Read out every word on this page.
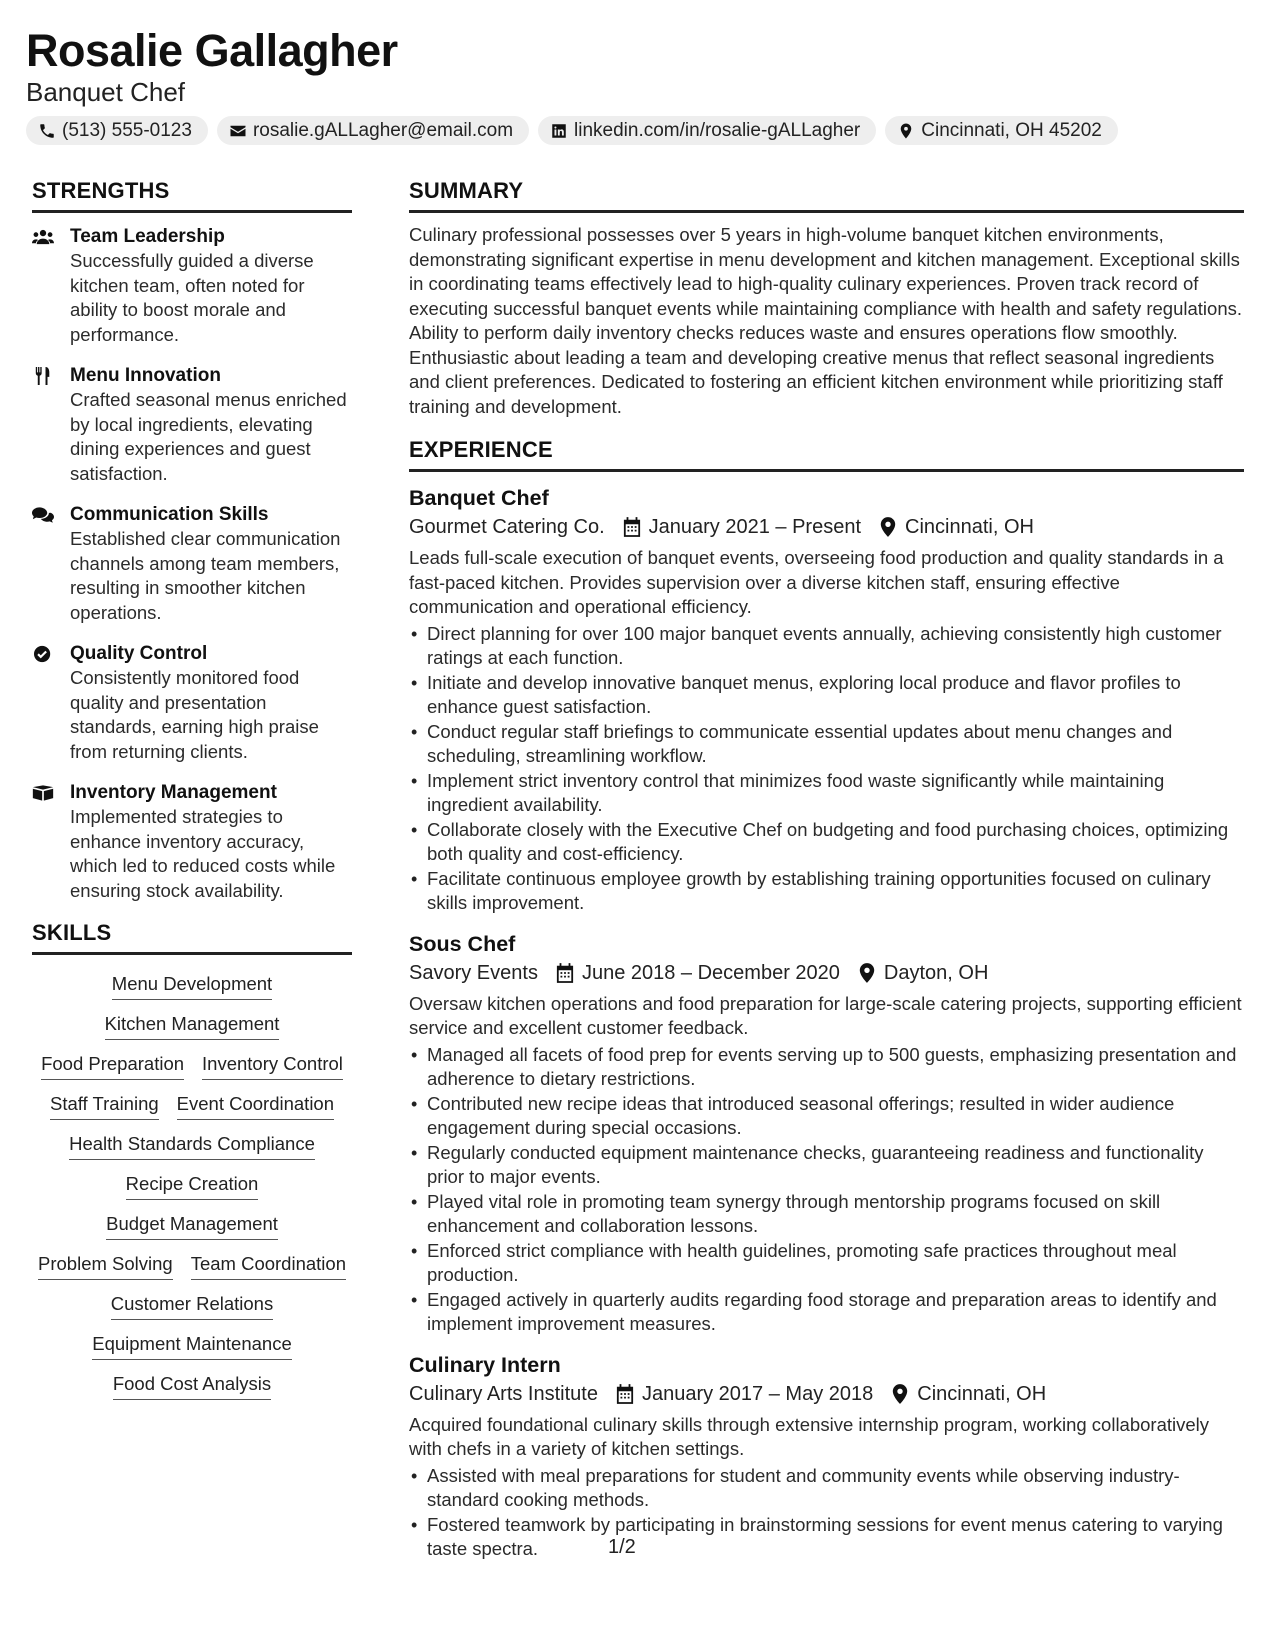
Rosalie Gallagher
Banquet Chef
(513) 555-0123	rosalie.gALLagher@email.com	linkedin.com/in/rosalie-gALLagher	Cincinnati, OH 45202
STRENGTHS
Team Leadership
Successfully guided a diverse kitchen team, often noted for ability to boost morale and performance.
Menu Innovation
Crafted seasonal menus enriched by local ingredients, elevating dining experiences and guest satisfaction.
Communication Skills
Established clear communication channels among team members, resulting in smoother kitchen operations.
Quality Control
Consistently monitored food quality and presentation standards, earning high praise from returning clients.
Inventory Management
Implemented strategies to enhance inventory accuracy, which led to reduced costs while ensuring stock availability.
SKILLS
Menu Development
Kitchen Management
Food Preparation Inventory Control
Staff Training Event Coordination
Health Standards Compliance
Recipe Creation
Budget Management
Problem Solving Team Coordination
Customer Relations
Equipment Maintenance
Food Cost Analysis
SUMMARY
Culinary professional possesses over 5 years in high-volume banquet kitchen environments, demonstrating significant expertise in menu development and kitchen management. Exceptional skills in coordinating teams effectively lead to high-quality culinary experiences. Proven track record of executing successful banquet events while maintaining compliance with health and safety regulations. Ability to perform daily inventory checks reduces waste and ensures operations flow smoothly. Enthusiastic about leading a team and developing creative menus that reflect seasonal ingredients and client preferences. Dedicated to fostering an efficient kitchen environment while prioritizing staff training and development.
EXPERIENCE
Banquet Chef
Gourmet Catering Co. January 2021 – Present Cincinnati, OH
Leads full-scale execution of banquet events, overseeing food production and quality standards in a fast-paced kitchen. Provides supervision over a diverse kitchen staff, ensuring effective communication and operational efficiency.
• Direct planning for over 100 major banquet events annually, achieving consistently high customer ratings at each function.
• Initiate and develop innovative banquet menus, exploring local produce and flavor profiles to enhance guest satisfaction.
• Conduct regular staff briefings to communicate essential updates about menu changes and scheduling, streamlining workflow.
• Implement strict inventory control that minimizes food waste significantly while maintaining ingredient availability.
• Collaborate closely with the Executive Chef on budgeting and food purchasing choices, optimizing both quality and cost-efficiency.
• Facilitate continuous employee growth by establishing training opportunities focused on culinary skills improvement.
Sous Chef
Savory Events June 2018 – December 2020 Dayton, OH
Oversaw kitchen operations and food preparation for large-scale catering projects, supporting efficient service and excellent customer feedback.
• Managed all facets of food prep for events serving up to 500 guests, emphasizing presentation and adherence to dietary restrictions.
• Contributed new recipe ideas that introduced seasonal offerings; resulted in wider audience engagement during special occasions.
• Regularly conducted equipment maintenance checks, guaranteeing readiness and functionality prior to major events.
• Played vital role in promoting team synergy through mentorship programs focused on skill enhancement and collaboration lessons.
• Enforced strict compliance with health guidelines, promoting safe practices throughout meal production.
• Engaged actively in quarterly audits regarding food storage and preparation areas to identify and implement improvement measures.
Culinary Intern
Culinary Arts Institute January 2017 – May 2018 Cincinnati, OH
Acquired foundational culinary skills through extensive internship program, working collaboratively with chefs in a variety of kitchen settings.
• Assisted with meal preparations for student and community events while observing industry-standard cooking methods.
• Fostered teamwork by participating in brainstorming sessions for event menus catering to varying taste spectra.	1/2
